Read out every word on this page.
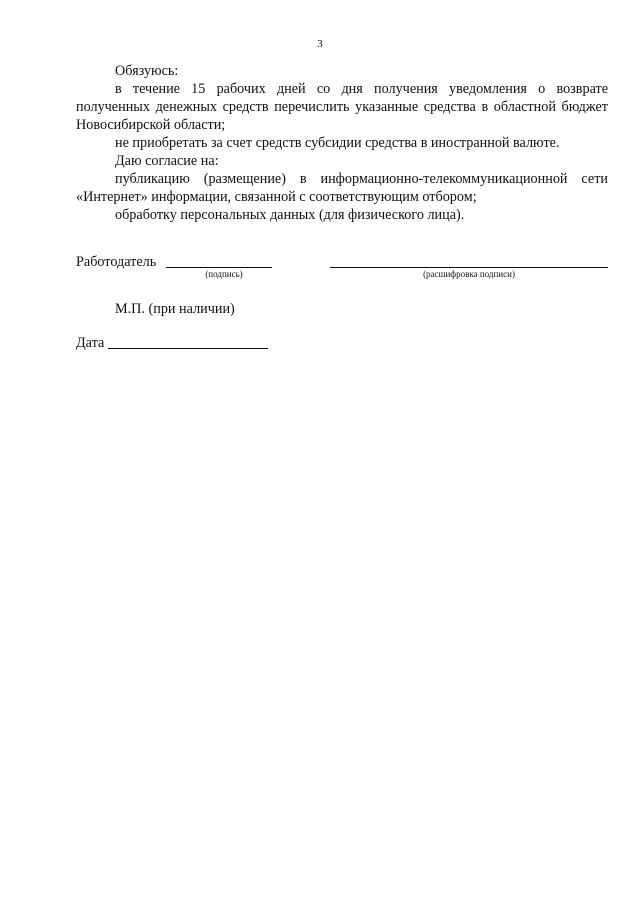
3

Обязуюсь:

в течение 15 рабочих дней со дня получения уведомления о возврате полученных денежных средств перечислить указанные средства в областной бюджет Новосибирской области;

не приобретать за счет средств субсидии средства в иностранной валюте.

Даю согласие на:

публикацию (размещение) в информационно-телекоммуникационной сети «Интернет» информации, связанной с соответствующим отбором;

обработку персональных данных (для физического лица).

Работодатель
(подпись)	(расшифровка подписи)
М.П. (при наличии)
Дата
